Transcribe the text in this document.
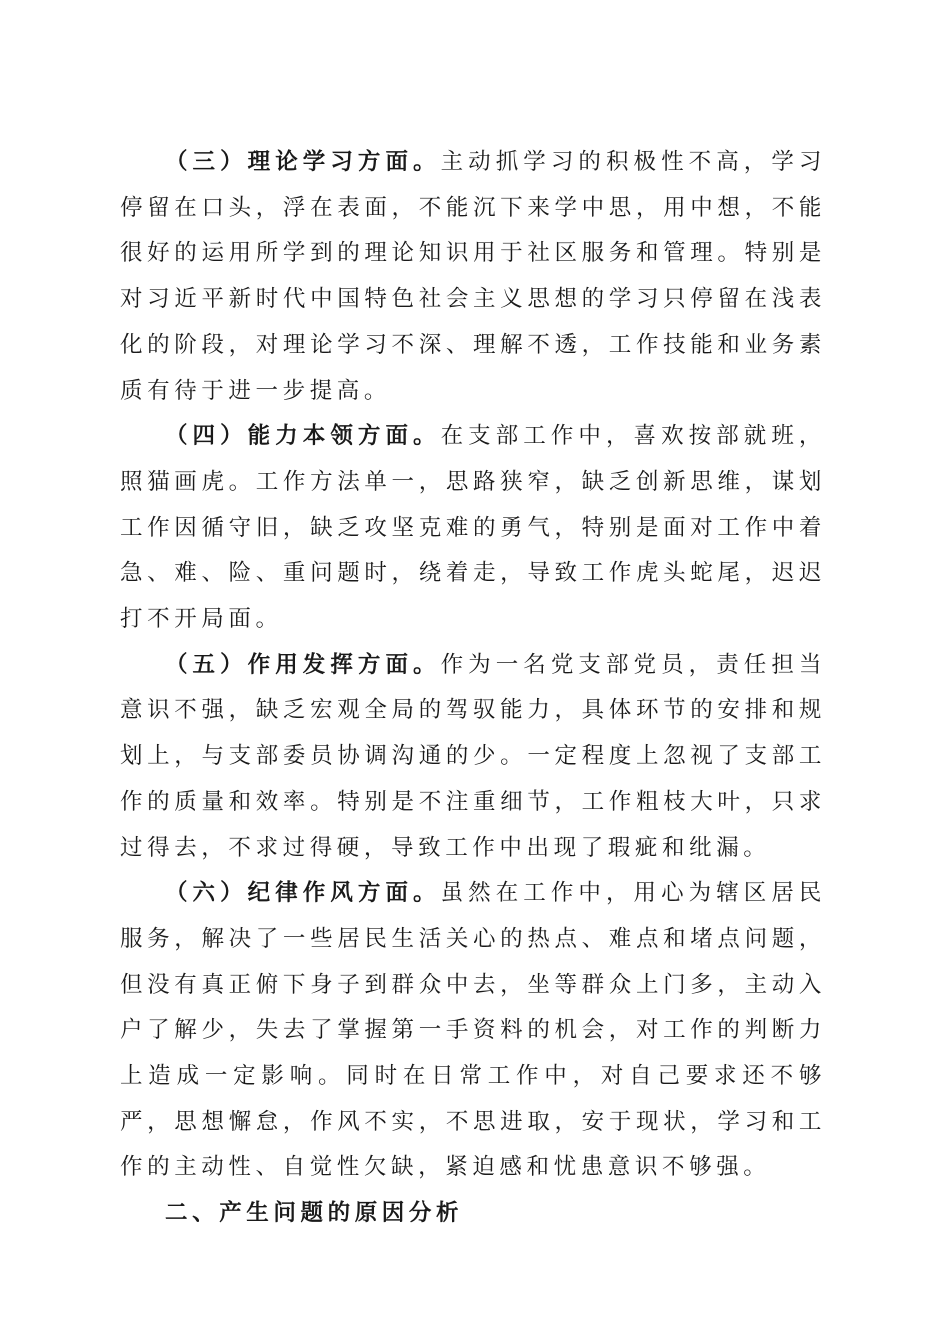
（三）理论学习方面。主动抓学习的积极性不高，学习停留在口头，浮在表面，不能沉下来学中思，用中想，不能很好的运用所学到的理论知识用于社区服务和管理。特别是对习近平新时代中国特色社会主义思想的学习只停留在浅表化的阶段，对理论学习不深、理解不透，工作技能和业务素质有待于进一步提高。

（四）能力本领方面。在支部工作中，喜欢按部就班，照猫画虎。工作方法单一，思路狭窄，缺乏创新思维，谋划工作因循守旧，缺乏攻坚克难的勇气，特别是面对工作中着急、难、险、重问题时，绕着走，导致工作虎头蛇尾，迟迟打不开局面。

（五）作用发挥方面。作为一名党支部党员，责任担当意识不强，缺乏宏观全局的驾驭能力，具体环节的安排和规划上，与支部委员协调沟通的少。一定程度上忽视了支部工作的质量和效率。特别是不注重细节，工作粗枝大叶，只求过得去，不求过得硬，导致工作中出现了瑕疵和纰漏。

（六）纪律作风方面。虽然在工作中，用心为辖区居民服务，解决了一些居民生活关心的热点、难点和堵点问题，但没有真正俯下身子到群众中去，坐等群众上门多，主动入户了解少，失去了掌握第一手资料的机会，对工作的判断力上造成一定影响。同时在日常工作中，对自己要求还不够严，思想懈怠，作风不实，不思进取，安于现状，学习和工作的主动性、自觉性欠缺，紧迫感和忧患意识不够强。

二、产生问题的原因分析
